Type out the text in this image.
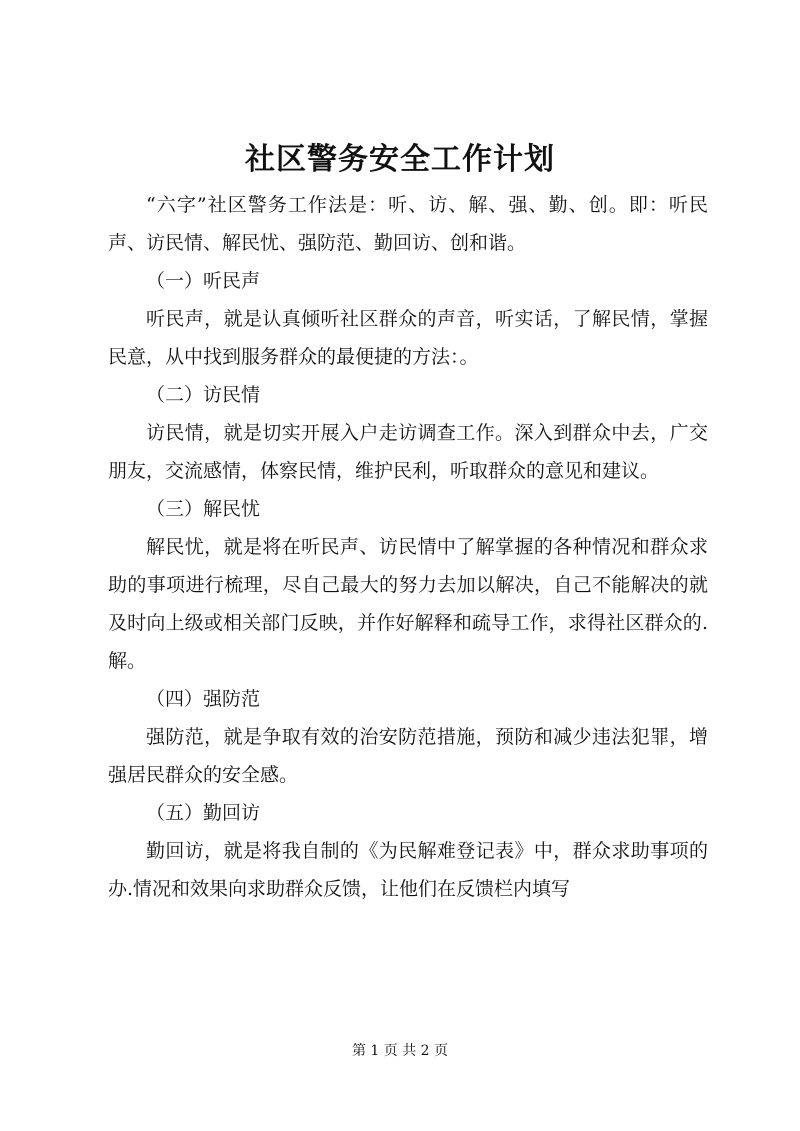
社区警务安全工作计划

“六字”社区警务工作法是：听、访、解、强、勤、创。即：听民声、访民情、解民忧、强防范、勤回访、创和谐。

（一）听民声

听民声，就是认真倾听社区群众的声音，听实话，了解民情，掌握民意，从中找到服务群众的最便捷的方法：。

（二）访民情

访民情，就是切实开展入户走访调查工作。深入到群众中去，广交朋友，交流感情，体察民情，维护民利，听取群众的意见和建议。

（三）解民忧

解民忧，就是将在听民声、访民情中了解掌握的各种情况和群众求助的事项进行梳理，尽自己最大的努力去加以解决，自己不能解决的就及时向上级或相关部门反映，并作好解释和疏导工作，求得社区群众的.解。

（四）强防范

强防范，就是争取有效的治安防范措施，预防和减少违法犯罪，增强居民群众的安全感。

（五）勤回访

勤回访，就是将我自制的《为民解难登记表》中，群众求助事项的办.情况和效果向求助群众反馈，让他们在反馈栏内填写

第 1 页 共 2 页
